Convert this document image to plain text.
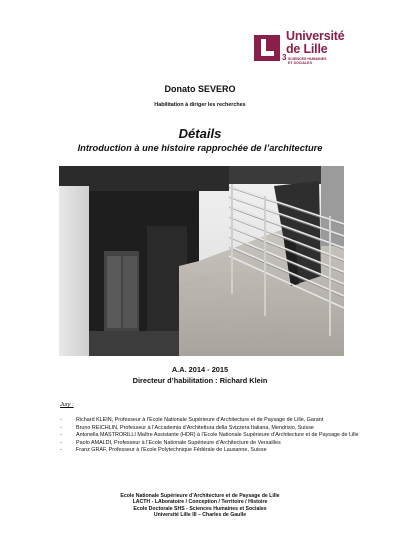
Université
de Lille
3 SCIENCES HUMAINES
ET SOCIALES
Donato SEVERO
Habilitation à diriger les recherches
Détails
Introduction à une histoire rapprochée de l’architecture
A.A. 2014 - 2015
Directeur d’habilitation : Richard Klein
Jury :
-	Richard KLEIN, Professeur à l’Ecole Nationale Supérieure d’Architecture et de Paysage de Lille, Garant
-	Bruno REICHLIN, Professeur à l’Accademia d’Architettura della Svizzera Italiana, Mendrisio, Suisse
-	Antonella MASTRORILLI Maître Assistante (HDR) à l’Ecole Nationale Supérieure d’Architecture et de Paysage de Lille
-	Paolo AMALDI, Professeur à l’Ecole Nationale Supérieure d’Architecture de Versailles
-	Franz GRAF, Professeur à l’Ecole Polytechnique Fédérale de Lausanne, Suisse
Ecole Nationale Supérieure d’Architecture et de Paysage de Lille
LACTH - LAboratoire / Conception / Territoire / Histoire
Ecole Doctorale SHS - Sciences Humaines et Sociales
Université Lille III – Charles de Gaulle
